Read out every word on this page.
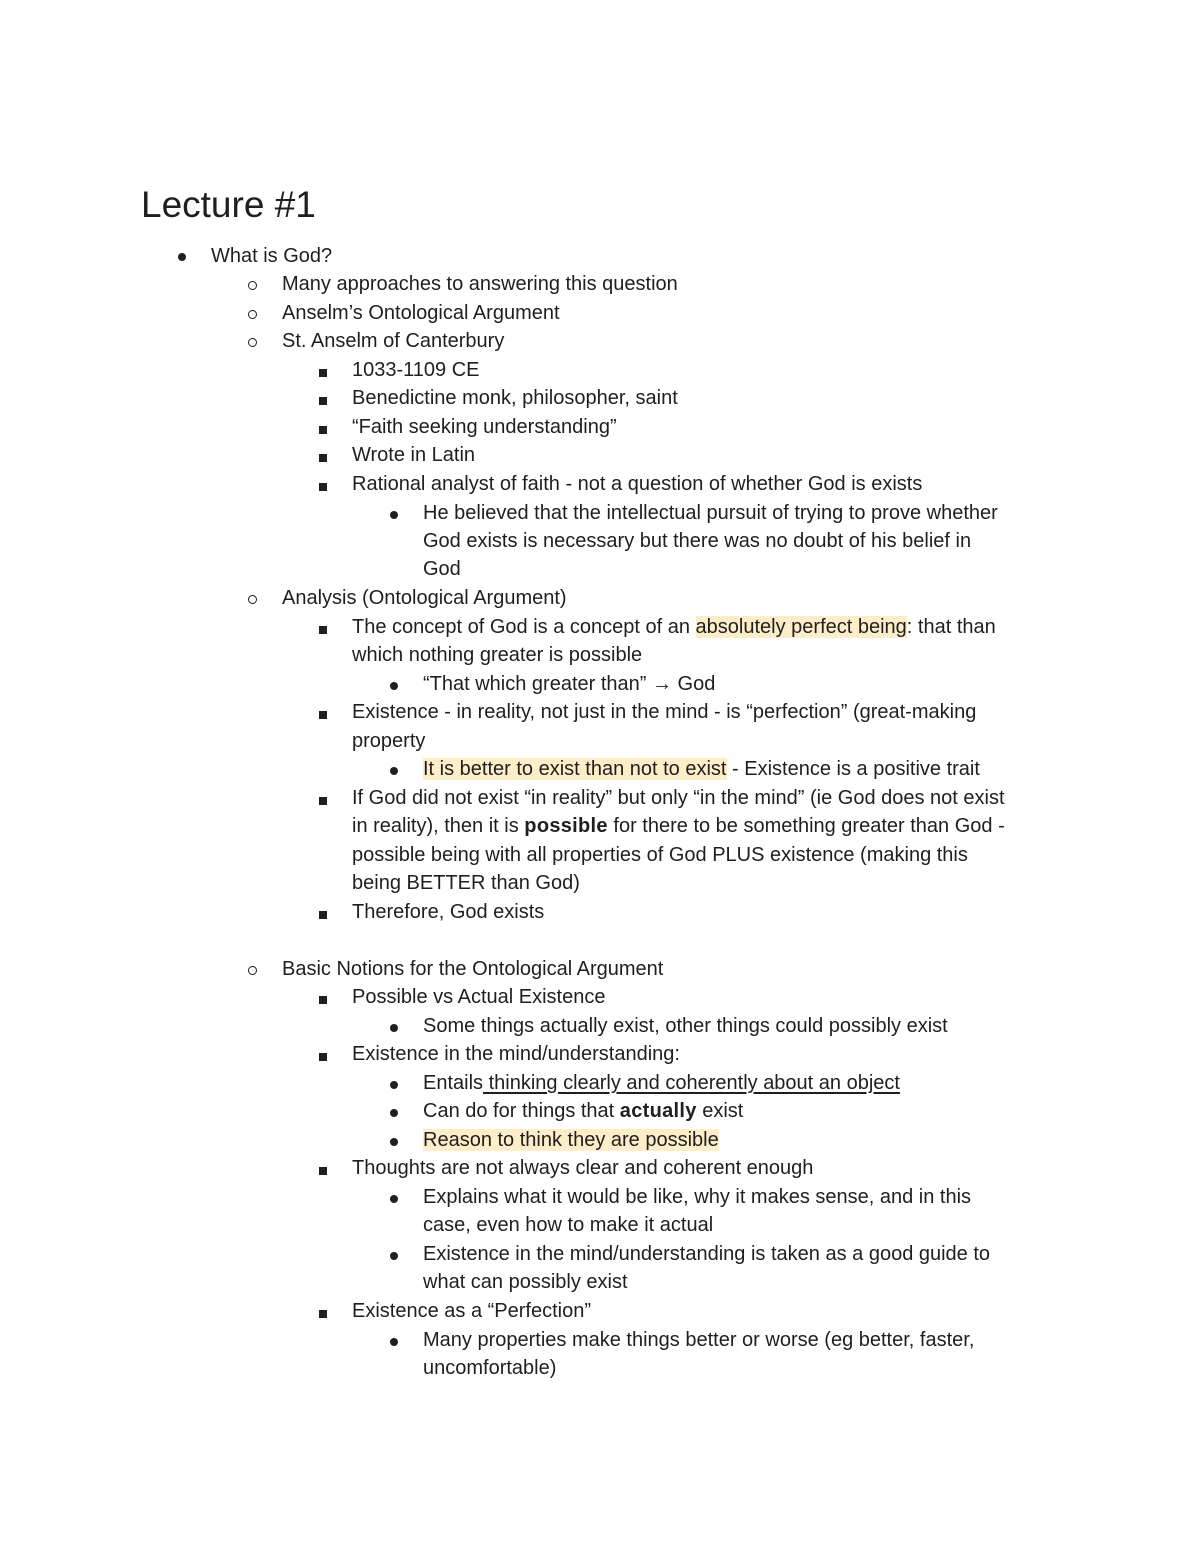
Lecture #1
What is God?
Many approaches to answering this question
Anselm’s Ontological Argument
St. Anselm of Canterbury
1033-1109 CE
Benedictine monk, philosopher, saint
“Faith seeking understanding”
Wrote in Latin
Rational analyst of faith - not a question of whether God is exists
He believed that the intellectual pursuit of trying to prove whether
God exists is necessary but there was no doubt of his belief in
God
Analysis (Ontological Argument)
The concept of God is a concept of an absolutely perfect being: that than
which nothing greater is possible
“That which greater than” → God
Existence - in reality, not just in the mind - is “perfection” (great-making
property
It is better to exist than not to exist - Existence is a positive trait
If God did not exist “in reality” but only “in the mind” (ie God does not exist
in reality), then it is possible for there to be something greater than God -
possible being with all properties of God PLUS existence (making this
being BETTER than God)
Therefore, God exists
Basic Notions for the Ontological Argument
Possible vs Actual Existence
Some things actually exist, other things could possibly exist
Existence in the mind/understanding:
Entails thinking clearly and coherently about an object
Can do for things that actually exist
Reason to think they are possible
Thoughts are not always clear and coherent enough
Explains what it would be like, why it makes sense, and in this
case, even how to make it actual
Existence in the mind/understanding is taken as a good guide to
what can possibly exist
Existence as a “Perfection”
Many properties make things better or worse (eg better, faster,
uncomfortable)
